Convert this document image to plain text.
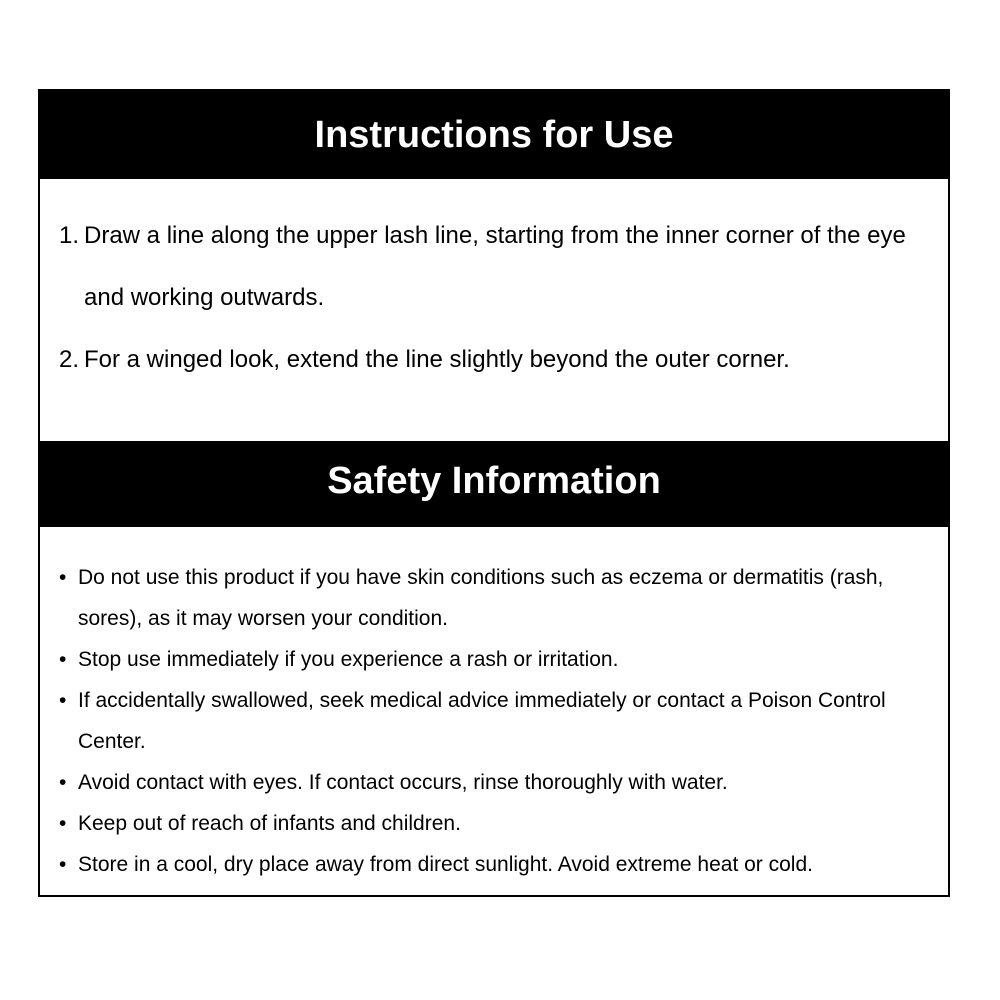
Instructions for Use
1. Draw a line along the upper lash line, starting from the inner corner of the eye and working outwards.
2. For a winged look, extend the line slightly beyond the outer corner.
Safety Information
• Do not use this product if you have skin conditions such as eczema or dermatitis (rash, sores), as it may worsen your condition.
• Stop use immediately if you experience a rash or irritation.
• If accidentally swallowed, seek medical advice immediately or contact a Poison Control Center.
• Avoid contact with eyes. If contact occurs, rinse thoroughly with water.
• Keep out of reach of infants and children.
• Store in a cool, dry place away from direct sunlight. Avoid extreme heat or cold.
